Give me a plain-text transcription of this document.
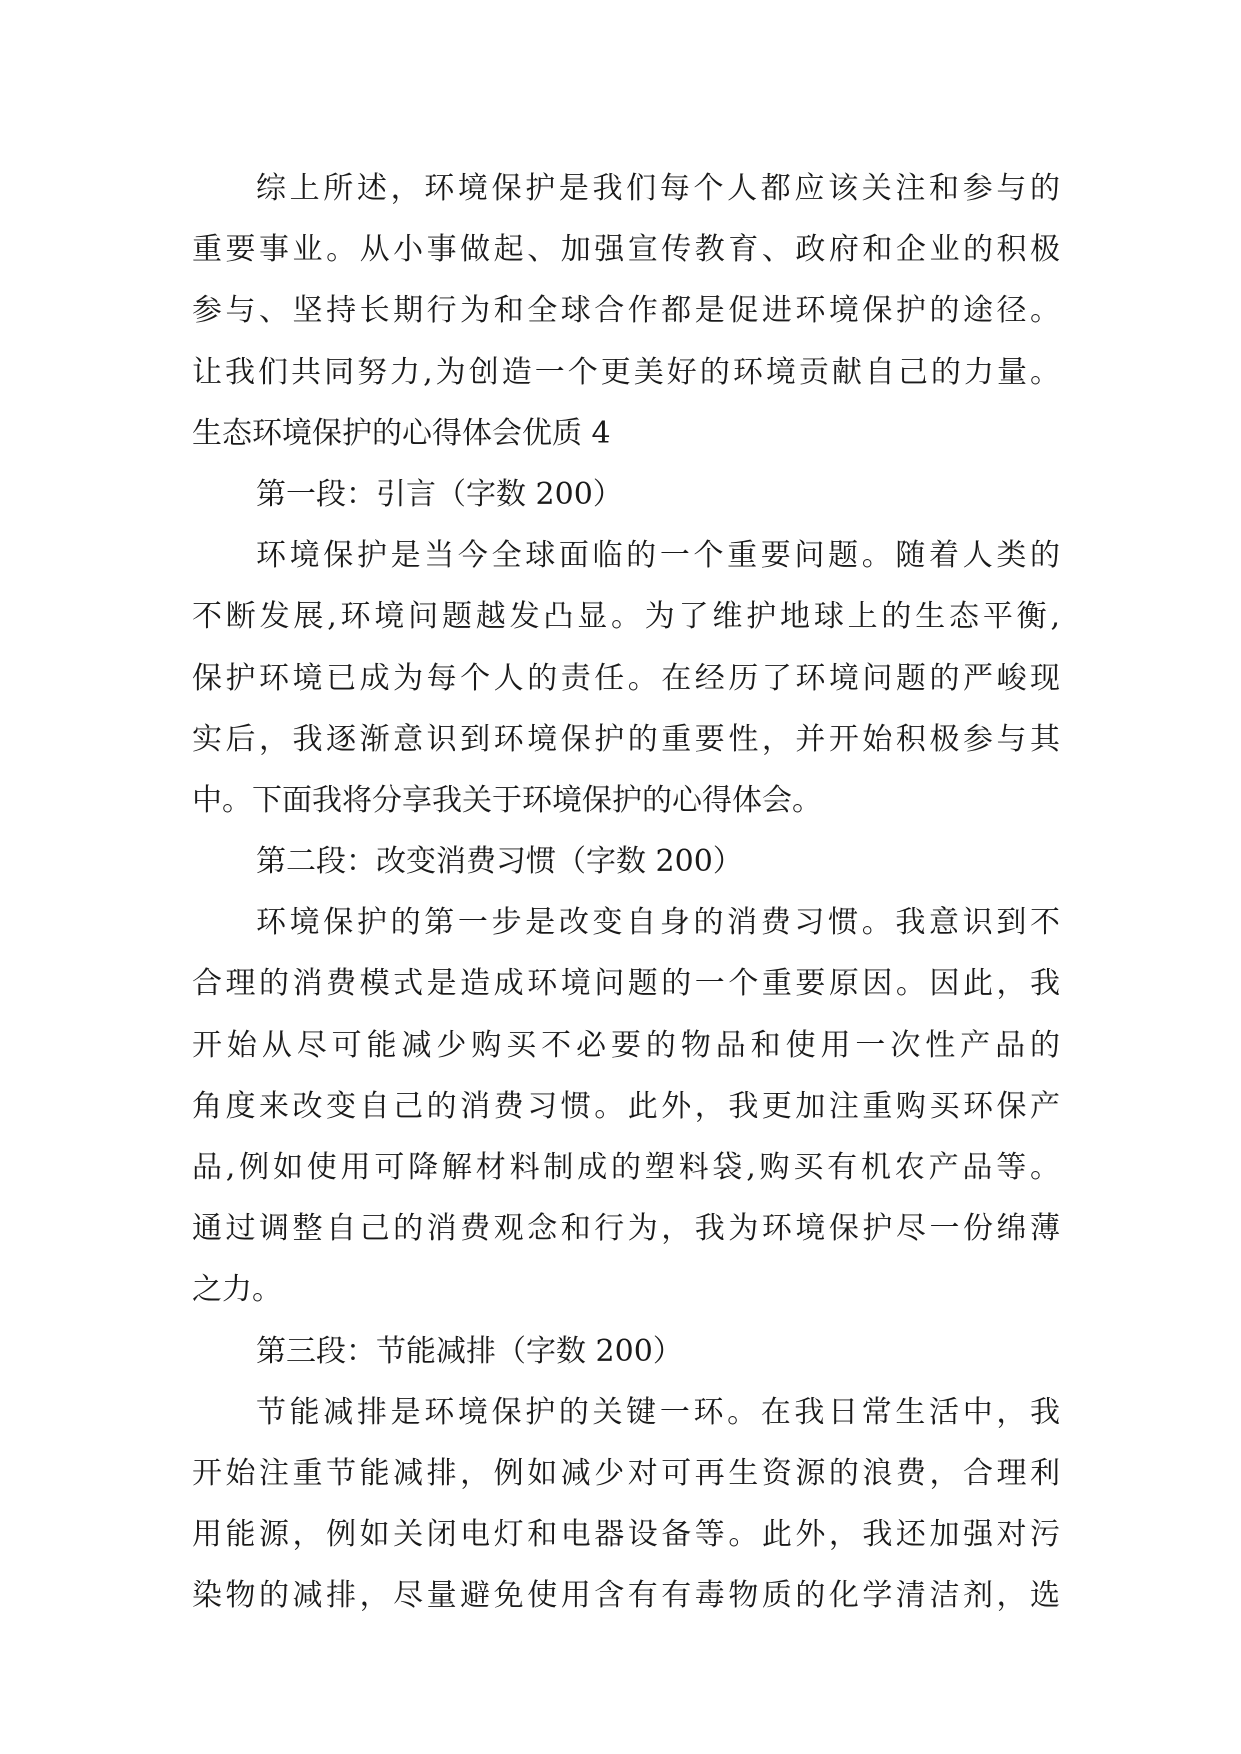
综上所述，环境保护是我们每个人都应该关注和参与的
重要事业。从小事做起、加强宣传教育、政府和企业的积极
参与、坚持长期行为和全球合作都是促进环境保护的途径。
让我们共同努力,为创造一个更美好的环境贡献自己的力量。
生态环境保护的心得体会优质 4
第一段：引言（字数 200）
环境保护是当今全球面临的一个重要问题。随着人类的
不断发展,环境问题越发凸显。为了维护地球上的生态平衡,
保护环境已成为每个人的责任。在经历了环境问题的严峻现
实后，我逐渐意识到环境保护的重要性，并开始积极参与其
中。下面我将分享我关于环境保护的心得体会。
第二段：改变消费习惯（字数 200）
环境保护的第一步是改变自身的消费习惯。我意识到不
合理的消费模式是造成环境问题的一个重要原因。因此，我
开始从尽可能减少购买不必要的物品和使用一次性产品的
角度来改变自己的消费习惯。此外，我更加注重购买环保产
品,例如使用可降解材料制成的塑料袋,购买有机农产品等。
通过调整自己的消费观念和行为，我为环境保护尽一份绵薄
之力。
第三段：节能减排（字数 200）
节能减排是环境保护的关键一环。在我日常生活中，我
开始注重节能减排，例如减少对可再生资源的浪费，合理利
用能源，例如关闭电灯和电器设备等。此外，我还加强对污
染物的减排，尽量避免使用含有有毒物质的化学清洁剂，选
